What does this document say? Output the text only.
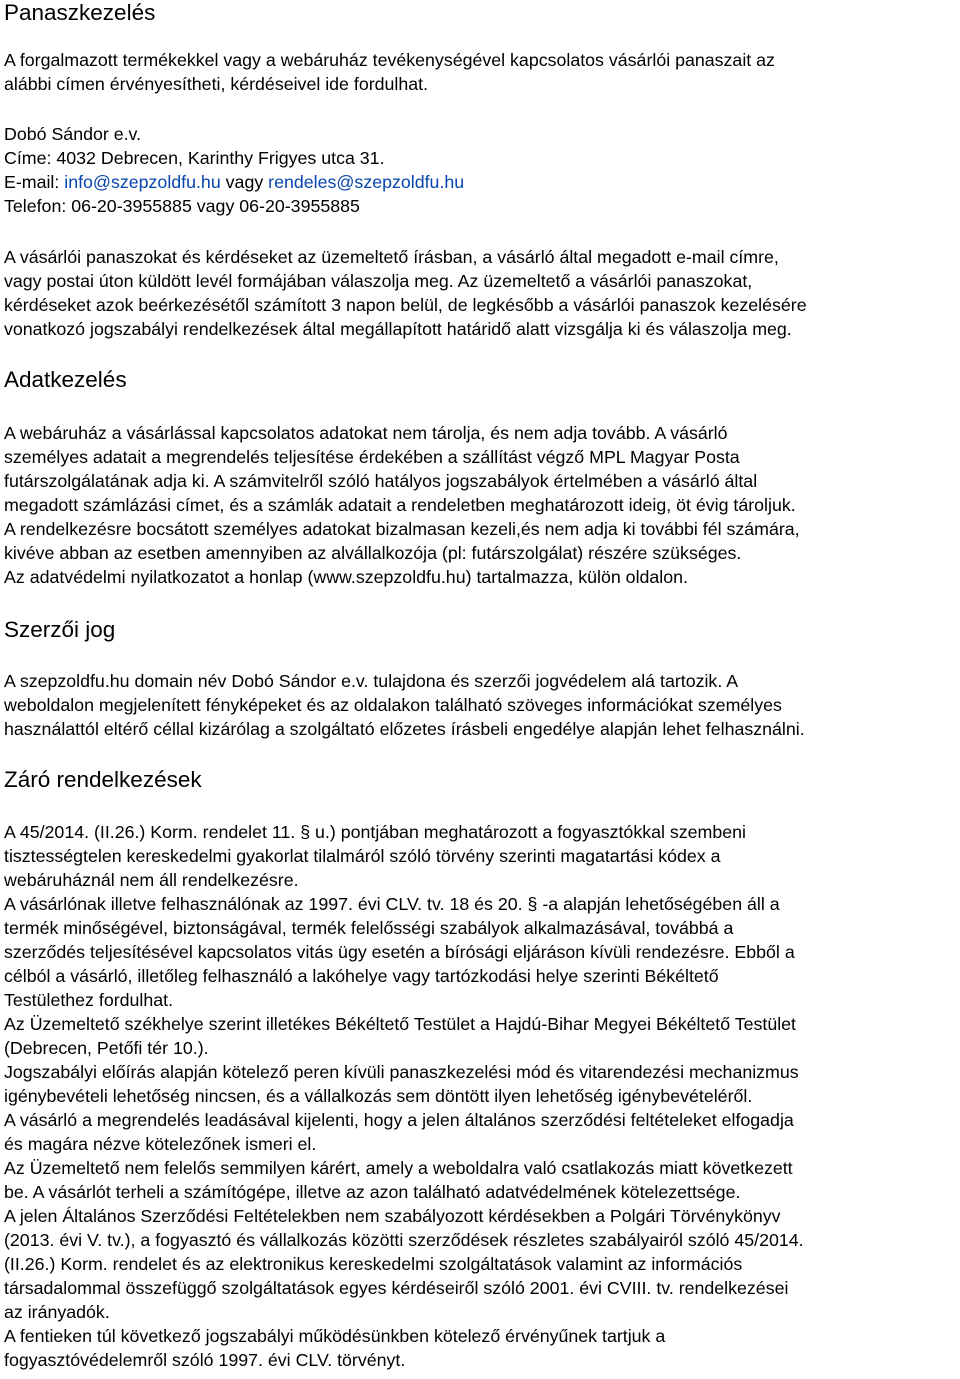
Panaszkezelés

A forgalmazott termékekkel vagy a webáruház tevékenységével kapcsolatos vásárlói panaszait az
alábbi címen érvényesítheti, kérdéseivel ide fordulhat.

Dobó Sándor e.v.
Címe: 4032 Debrecen, Karinthy Frigyes utca 31.
E-mail: info@szepzoldfu.hu vagy rendeles@szepzoldfu.hu
Telefon: 06-20-3955885 vagy 06-20-3955885

A vásárlói panaszokat és kérdéseket az üzemeltető írásban, a vásárló által megadott e-mail címre,
vagy postai úton küldött levél formájában válaszolja meg. Az üzemeltető a vásárlói panaszokat,
kérdéseket azok beérkezésétől számított 3 napon belül, de legkésőbb a vásárlói panaszok kezelésére
vonatkozó jogszabályi rendelkezések által megállapított határidő alatt vizsgálja ki és válaszolja meg.

Adatkezelés

A webáruház a vásárlással kapcsolatos adatokat nem tárolja, és nem adja tovább. A vásárló
személyes adatait a megrendelés teljesítése érdekében a szállítást végző MPL Magyar Posta
futárszolgálatának adja ki. A számvitelről szóló hatályos jogszabályok értelmében a vásárló által
megadott számlázási címet, és a számlák adatait a rendeletben meghatározott ideig, öt évig tároljuk.
A rendelkezésre bocsátott személyes adatokat bizalmasan kezeli,és nem adja ki további fél számára,
kivéve abban az esetben amennyiben az alvállalkozója (pl: futárszolgálat) részére szükséges.
Az adatvédelmi nyilatkozatot a honlap (www.szepzoldfu.hu) tartalmazza, külön oldalon.

Szerzői jog

A szepzoldfu.hu domain név Dobó Sándor e.v. tulajdona és szerzői jogvédelem alá tartozik. A
weboldalon megjelenített fényképeket és az oldalakon található szöveges információkat személyes
használattól eltérő céllal kizárólag a szolgáltató előzetes írásbeli engedélye alapján lehet felhasználni.

Záró rendelkezések

A 45/2014. (II.26.) Korm. rendelet 11. § u.) pontjában meghatározott a fogyasztókkal szembeni
tisztességtelen kereskedelmi gyakorlat tilalmáról szóló törvény szerinti magatartási kódex a
webáruháznál nem áll rendelkezésre.
A vásárlónak illetve felhasználónak az 1997. évi CLV. tv. 18 és 20. § -a alapján lehetőségében áll a
termék minőségével, biztonságával, termék felelősségi szabályok alkalmazásával, továbbá a
szerződés teljesítésével kapcsolatos vitás ügy esetén a bírósági eljáráson kívüli rendezésre. Ebből a
célból a vásárló, illetőleg felhasználó a lakóhelye vagy tartózkodási helye szerinti Békéltető
Testülethez fordulhat.
Az Üzemeltető székhelye szerint illetékes Békéltető Testület a Hajdú-Bihar Megyei Békéltető Testület
(Debrecen, Petőfi tér 10.).
Jogszabályi előírás alapján kötelező peren kívüli panaszkezelési mód és vitarendezési mechanizmus
igénybevételi lehetőség nincsen, és a vállalkozás sem döntött ilyen lehetőség igénybevételéről.
A vásárló a megrendelés leadásával kijelenti, hogy a jelen általános szerződési feltételeket elfogadja
és magára nézve kötelezőnek ismeri el.
Az Üzemeltető nem felelős semmilyen kárért, amely a weboldalra való csatlakozás miatt következett
be. A vásárlót terheli a számítógépe, illetve az azon található adatvédelmének kötelezettsége.
A jelen Általános Szerződési Feltételekben nem szabályozott kérdésekben a Polgári Törvénykönyv
(2013. évi V. tv.), a fogyasztó és vállalkozás közötti szerződések részletes szabályairól szóló 45/2014.
(II.26.) Korm. rendelet és az elektronikus kereskedelmi szolgáltatások valamint az információs
társadalommal összefüggő szolgáltatások egyes kérdéseiről szóló 2001. évi CVIII. tv. rendelkezései
az irányadók.
A fentieken túl következő jogszabályi működésünkben kötelező érvényűnek tartjuk a
fogyasztóvédelemről szóló 1997. évi CLV. törvényt.
